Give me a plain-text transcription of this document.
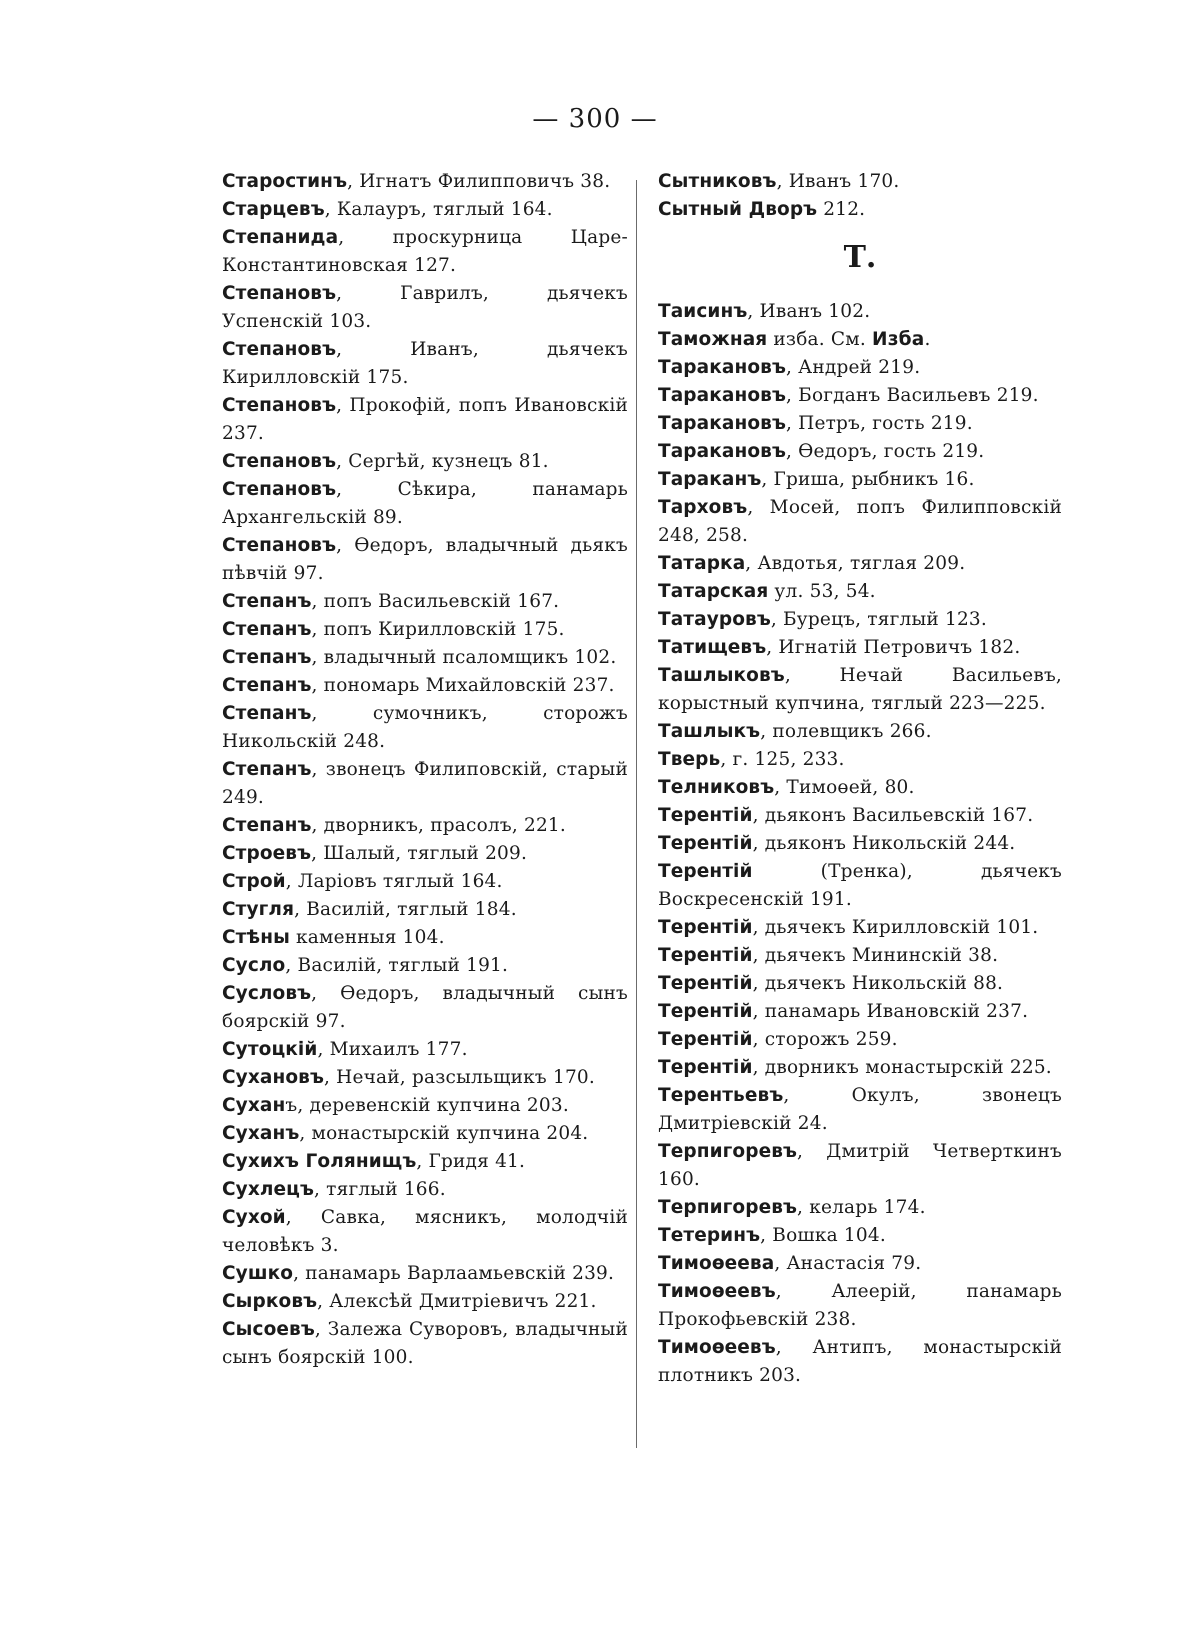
— 300 —
Старостинъ, Игнатъ Филипповичъ 38.
Старцевъ, Калауръ, тяглый 164.
Степанида, проскурница Царе-Константиновская 127.
Степановъ, Гаврилъ, дьячекъ Успенскій 103.
Степановъ, Иванъ, дьячекъ Кирилловскій 175.
Степановъ, Прокофій, попъ Ивановскій 237.
Степановъ, Сергѣй, кузнецъ 81.
Степановъ, Сѣкира, панамарь Архангельскій 89.
Степановъ, Өедоръ, владычный дьякъ пѣвчій 97.
Степанъ, попъ Васильевскій 167.
Степанъ, попъ Кирилловскій 175.
Степанъ, владычный псаломщикъ 102.
Степанъ, пономарь Михайловскій 237.
Степанъ, сумочникъ, сторожъ Никольскій 248.
Степанъ, звонецъ Филиповскій, старый 249.
Степанъ, дворникъ, прасолъ, 221.
Строевъ, Шалый, тяглый 209.
Строй, Ларіовъ тяглый 164.
Стугля, Василій, тяглый 184.
Стѣны каменныя 104.
Сусло, Василій, тяглый 191.
Сусловъ, Өедоръ, владычный сынъ боярскій 97.
Сутоцкій, Михаилъ 177.
Сухановъ, Нечай, разсыльщикъ 170.
Суханъ, деревенскій купчина 203.
Суханъ, монастырскій купчина 204.
Сухихъ Голянищъ, Гридя 41.
Сухлецъ, тяглый 166.
Сухой, Савка, мясникъ, молодчій человѣкъ 3.
Сушко, панамарь Варлаамьевскій 239.
Сырковъ, Алексѣй Дмитріевичъ 221.
Сысоевъ, Залежа Суворовъ, владычный сынъ боярскій 100.
Сытниковъ, Иванъ 170.
Сытный Дворъ 212.
Т.
Таисинъ, Иванъ 102.
Таможная изба. См. Изба.
Таракановъ, Андрей 219.
Таракановъ, Богданъ Васильевъ 219.
Таракановъ, Петръ, гость 219.
Таракановъ, Өедоръ, гость 219.
Тараканъ, Гриша, рыбникъ 16.
Тарховъ, Мосей, попъ Филипповскій 248, 258.
Татарка, Авдотья, тяглая 209.
Татарская ул. 53, 54.
Татауровъ, Бурецъ, тяглый 123.
Татищевъ, Игнатій Петровичъ 182.
Ташлыковъ, Нечай Васильевъ, корыстный купчина, тяглый 223—225.
Ташлыкъ, полевщикъ 266.
Тверь, г. 125, 233.
Телниковъ, Тимоөей, 80.
Терентій, дьяконъ Васильевскій 167.
Терентій, дьяконъ Никольскій 244.
Терентій (Тренка), дьячекъ Воскресенскій 191.
Терентій, дьячекъ Кирилловскій 101.
Терентій, дьячекъ Мининскій 38.
Терентій, дьячекъ Никольскій 88.
Терентій, панамарь Ивановскій 237.
Терентій, сторожъ 259.
Терентій, дворникъ монастырскій 225.
Терентьевъ, Окулъ, звонецъ Дмитріевскій 24.
Терпигоревъ, Дмитрій Четверткинъ 160.
Терпигоревъ, келарь 174.
Тетеринъ, Вошка 104.
Тимоөеева, Анастасія 79.
Тимоөеевъ, Алеерій, панамарь Прокофьевскій 238.
Тимоөеевъ, Антипъ, монастырскій плотникъ 203.
